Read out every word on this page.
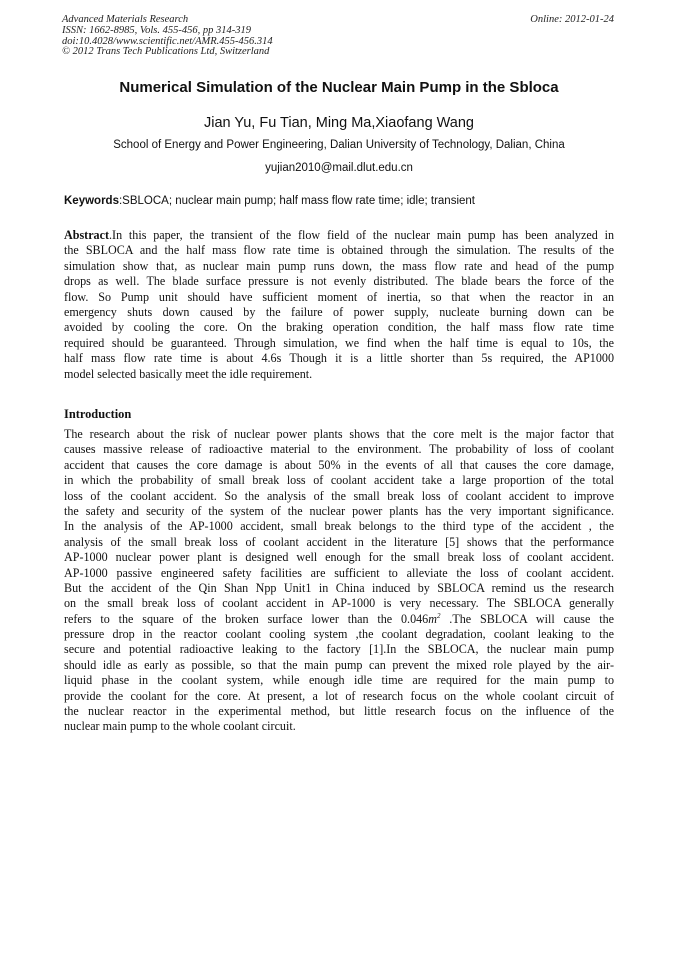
Advanced Materials Research
ISSN: 1662-8985, Vols. 455-456, pp 314-319
doi:10.4028/www.scientific.net/AMR.455-456.314
© 2012 Trans Tech Publications Ltd, Switzerland
Online: 2012-01-24
Numerical Simulation of the Nuclear Main Pump in the Sbloca
Jian Yu, Fu Tian, Ming Ma,Xiaofang Wang
School of Energy and Power Engineering, Dalian University of Technology, Dalian, China
yujian2010@mail.dlut.edu.cn
Keywords:SBLOCA; nuclear main pump; half mass flow rate time; idle; transient
Abstract.In this paper, the transient of the flow field of the nuclear main pump has been analyzed in
the SBLOCA and the half mass flow rate time is obtained through the simulation. The results of the
simulation show that, as nuclear main pump runs down, the mass flow rate and head of the pump
drops as well. The blade surface pressure is not evenly distributed. The blade bears the force of the
flow. So Pump unit should have sufficient moment of inertia, so that when the reactor in an
emergency shuts down caused by the failure of power supply, nucleate burning down can be
avoided by cooling the core. On the braking operation condition, the half mass flow rate time
required should be guaranteed. Through simulation, we find when the half time is equal to 10s, the
half mass flow rate time is about 4.6s Though it is a little shorter than 5s required, the AP1000
model selected basically meet the idle requirement.
Introduction
The research about the risk of nuclear power plants shows that the core melt is the major factor that
causes massive release of radioactive material to the environment. The probability of loss of coolant
accident that causes the core damage is about 50% in the events of all that causes the core damage,
in which the probability of small break loss of coolant accident take a large proportion of the total
loss of the coolant accident. So the analysis of the small break loss of coolant accident to improve
the safety and security of the system of the nuclear power plants has the very important significance.
In the analysis of the AP-1000 accident, small break belongs to the third type of the accident , the
analysis of the small break loss of coolant accident in the literature [5] shows that the performance
AP-1000 nuclear power plant is designed well enough for the small break loss of coolant accident.
AP-1000 passive engineered safety facilities are sufficient to alleviate the loss of coolant accident.
But the accident of the Qin Shan Npp Unit1 in China induced by SBLOCA remind us the research
on the small break loss of coolant accident in AP-1000 is very necessary. The SBLOCA generally
refers to the square of the broken surface lower than the $0.046m^2$ .The SBLOCA will cause the
pressure drop in the reactor coolant cooling system ,the coolant degradation, coolant leaking to the
secure and potential radioactive leaking to the factory [1].In the SBLOCA, the nuclear main pump
should idle as early as possible, so that the main pump can prevent the mixed role played by the air-
liquid phase in the coolant system, while enough idle time are required for the main pump to
provide the coolant for the core. At present, a lot of research focus on the whole coolant circuit of
the nuclear reactor in the experimental method, but little research focus on the influence of the
nuclear main pump to the whole coolant circuit.
